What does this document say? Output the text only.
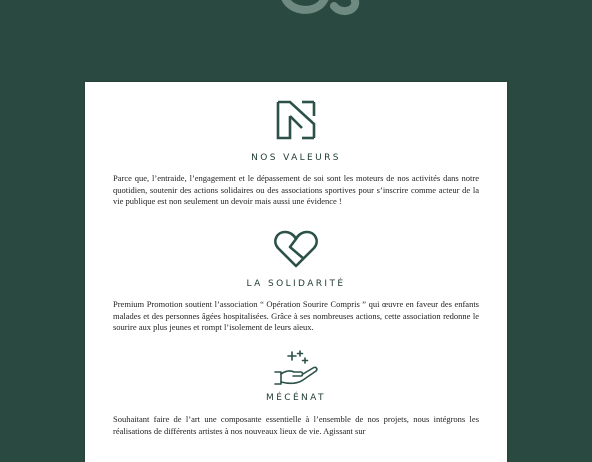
NOS VALEURS

Parce que, l’entraide, l’engagement et le dépassement de soi sont les moteurs de nos activités dans notre quotidien, soutenir des actions solidaires ou des associations sportives pour s’inscrire comme acteur de la vie publique est non seulement un devoir mais aussi une évidence !

LA SOLIDARITÉ

Premium Promotion soutient l’association “ Opération Sourire Compris ” qui œuvre en faveur des enfants malades et des personnes âgées hospitalisées. Grâce à ses nombreuses actions, cette association redonne le sourire aux plus jeunes et rompt l’isolement de leurs aïeux.

MÉCÉNAT

Souhaitant faire de l’art une composante essentielle à l’ensemble de nos projets, nous intégrons les réalisations de différents artistes à nos nouveaux lieux de vie. Agissant sur
